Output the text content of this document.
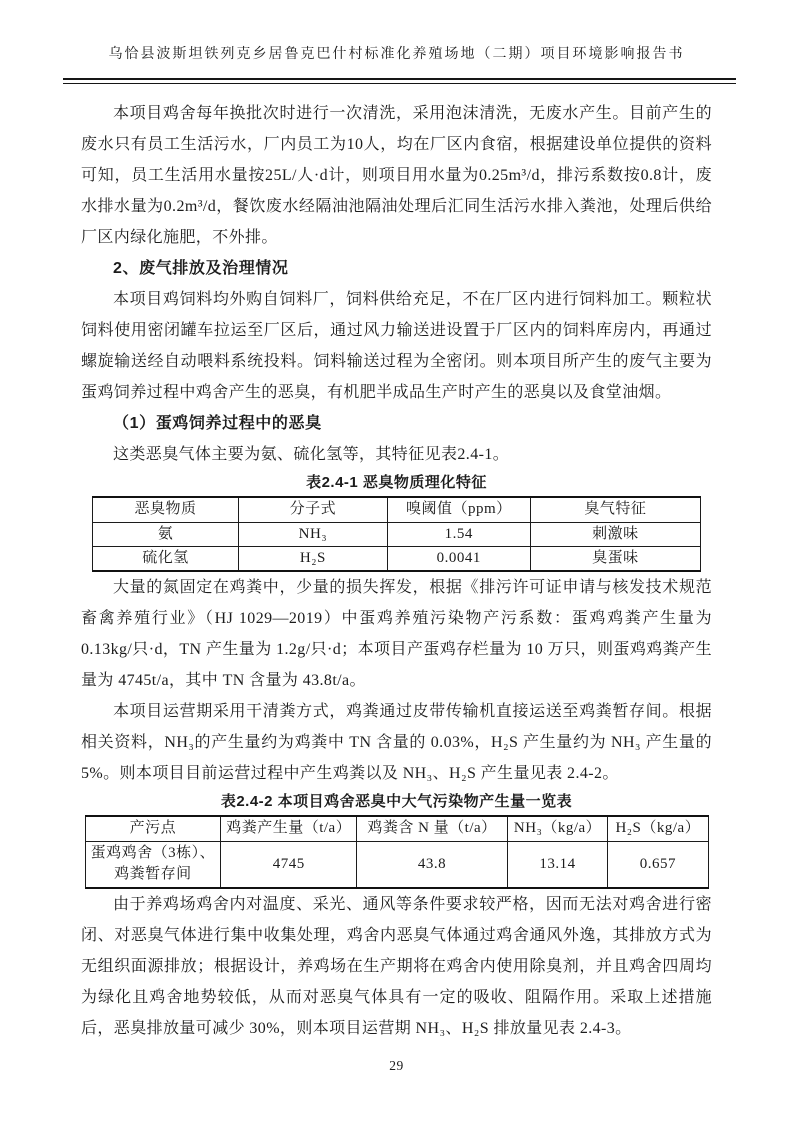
乌恰县波斯坦铁列克乡居鲁克巴什村标准化养殖场地（二期）项目环境影响报告书

本项目鸡舍每年换批次时进行一次清洗，采用泡沫清洗，无废水产生。目前产生的废水只有员工生活污水，厂内员工为10人，均在厂区内食宿，根据建设单位提供的资料可知，员工生活用水量按25L/人·d计，则项目用水量为0.25m³/d，排污系数按0.8计，废水排水量为0.2m³/d，餐饮废水经隔油池隔油处理后汇同生活污水排入粪池，处理后供给厂区内绿化施肥，不外排。

2、废气排放及治理情况

本项目鸡饲料均外购自饲料厂，饲料供给充足，不在厂区内进行饲料加工。颗粒状饲料使用密闭罐车拉运至厂区后，通过风力输送进设置于厂区内的饲料库房内，再通过螺旋输送经自动喂料系统投料。饲料输送过程为全密闭。则本项目所产生的废气主要为蛋鸡饲养过程中鸡舍产生的恶臭，有机肥半成品生产时产生的恶臭以及食堂油烟。

（1）蛋鸡饲养过程中的恶臭

这类恶臭气体主要为氨、硫化氢等，其特征见表2.4-1。

表2.4-1 恶臭物质理化特征
恶臭物质	分子式	嗅阈值（ppm）	臭气特征
氨	NH₃	1.54	刺激味
硫化氢	H₂S	0.0041	臭蛋味

大量的氮固定在鸡粪中，少量的损失挥发，根据《排污许可证申请与核发技术规范 畜禽养殖行业》（HJ 1029—2019）中蛋鸡养殖污染物产污系数：蛋鸡鸡粪产生量为0.13kg/只·d，TN 产生量为 1.2g/只·d；本项目产蛋鸡存栏量为 10 万只，则蛋鸡鸡粪产生量为 4745t/a，其中 TN 含量为 43.8t/a。

本项目运营期采用干清粪方式，鸡粪通过皮带传输机直接运送至鸡粪暂存间。根据相关资料，NH₃的产生量约为鸡粪中 TN 含量的 0.03%，H₂S 产生量约为 NH₃ 产生量的5%。则本项目目前运营过程中产生鸡粪以及 NH₃、H₂S 产生量见表 2.4-2。

表2.4-2 本项目鸡舍恶臭中大气污染物产生量一览表
产污点	鸡粪产生量（t/a）	鸡粪含 N 量（t/a）	NH₃（kg/a）	H₂S（kg/a）
蛋鸡鸡舍（3栋）、鸡粪暂存间	4745	43.8	13.14	0.657

由于养鸡场鸡舍内对温度、采光、通风等条件要求较严格，因而无法对鸡舍进行密闭、对恶臭气体进行集中收集处理，鸡舍内恶臭气体通过鸡舍通风外逸，其排放方式为无组织面源排放；根据设计，养鸡场在生产期将在鸡舍内使用除臭剂，并且鸡舍四周均为绿化且鸡舍地势较低，从而对恶臭气体具有一定的吸收、阻隔作用。采取上述措施后，恶臭排放量可减少 30%，则本项目运营期 NH₃、H₂S 排放量见表 2.4-3。

29
